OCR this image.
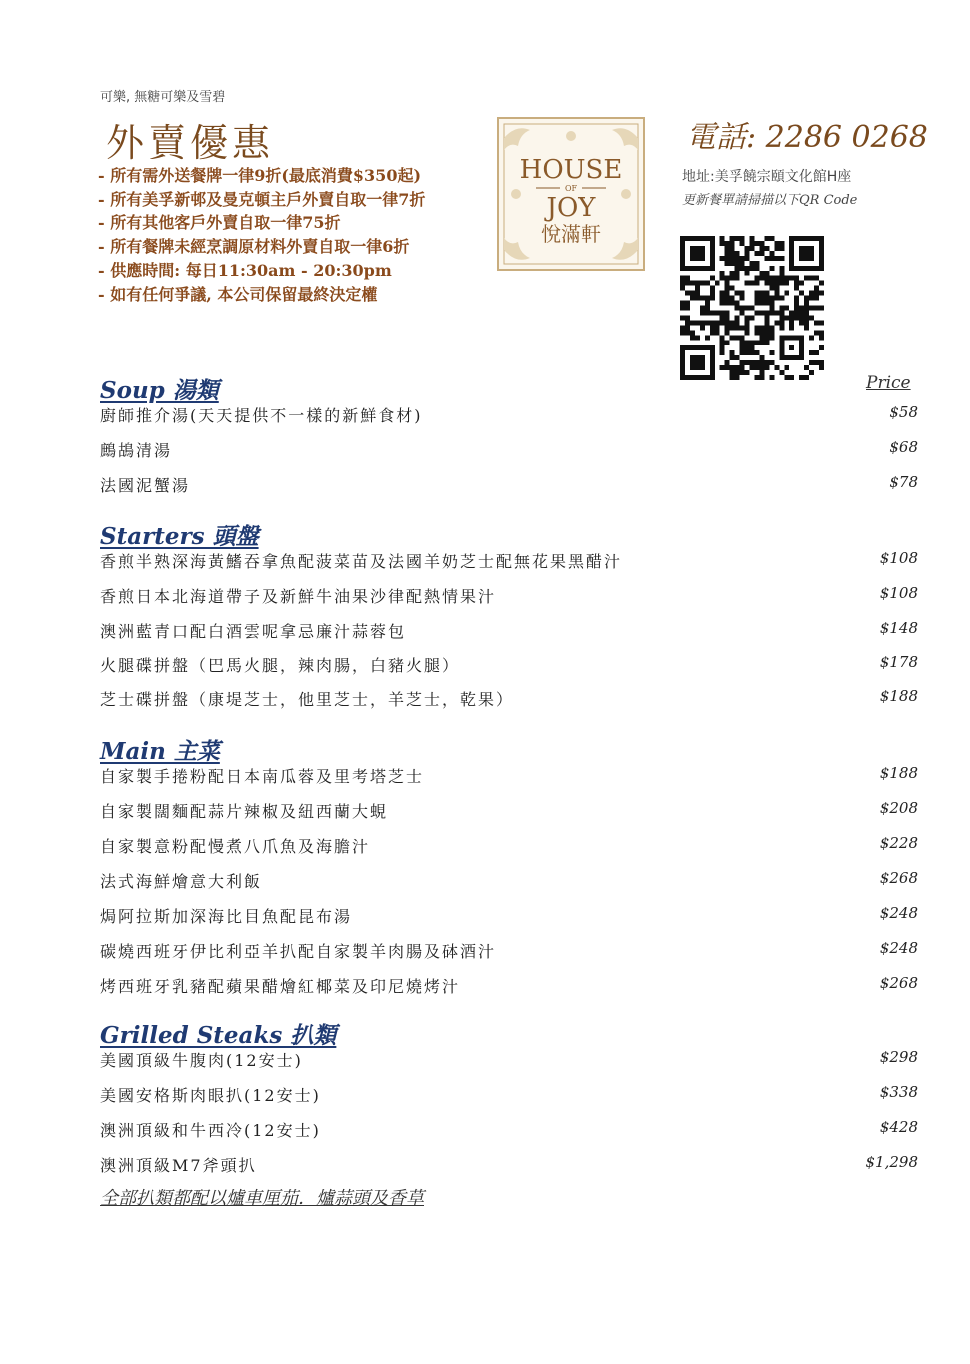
可樂, 無糖可樂及雪碧
外賣優惠
- 所有需外送餐牌一律9折(最底消費$350起)
- 所有美孚新邨及曼克頓主戶外賣自取一律7折
- 所有其他客戶外賣自取一律75折
- 所有餐牌未經烹調原材料外賣自取一律6折
- 供應時間: 每日11:30am - 20:30pm
- 如有任何爭議, 本公司保留最終決定權
HOUSE
OF
JOY
悅滿軒
電話: 2286 0268
地址:美孚饒宗頤文化館H座
更新餐單請掃描以下QR Code
Price
Soup 湯類
廚師推介湯(天天提供不一樣的新鮮食材)	$58
鷓鴣清湯	$68
法國泥蟹湯	$78
Starters 頭盤
香煎半熟深海黃鰭吞拿魚配菠菜苗及法國羊奶芝士配無花果黑醋汁	$108
香煎日本北海道帶子及新鮮牛油果沙律配熱情果汁	$108
澳洲藍青口配白酒雲呢拿忌廉汁蒜蓉包	$148
火腿碟拼盤（巴馬火腿，辣肉腸，白豬火腿）	$178
芝士碟拼盤（康堤芝士，他里芝士，羊芝士，乾果）	$188
Main 主菜
自家製手捲粉配日本南瓜蓉及里考塔芝士	$188
自家製闊麵配蒜片辣椒及紐西蘭大蜆	$208
自家製意粉配慢煮八爪魚及海膽汁	$228
法式海鮮燴意大利飯	$268
焗阿拉斯加深海比目魚配昆布湯	$248
碳燒西班牙伊比利亞羊扒配自家製羊肉腸及砵酒汁	$248
烤西班牙乳豬配蘋果醋燴紅椰菜及印尼燒烤汁	$268
Grilled Steaks 扒類
美國頂級牛腹肉(12安士)	$298
美國安格斯肉眼扒(12安士)	$338
澳洲頂級和牛西冷(12安士)	$428
澳洲頂級M7斧頭扒	$1,298
全部扒類都配以爐車厘茄．爐蒜頭及香草
